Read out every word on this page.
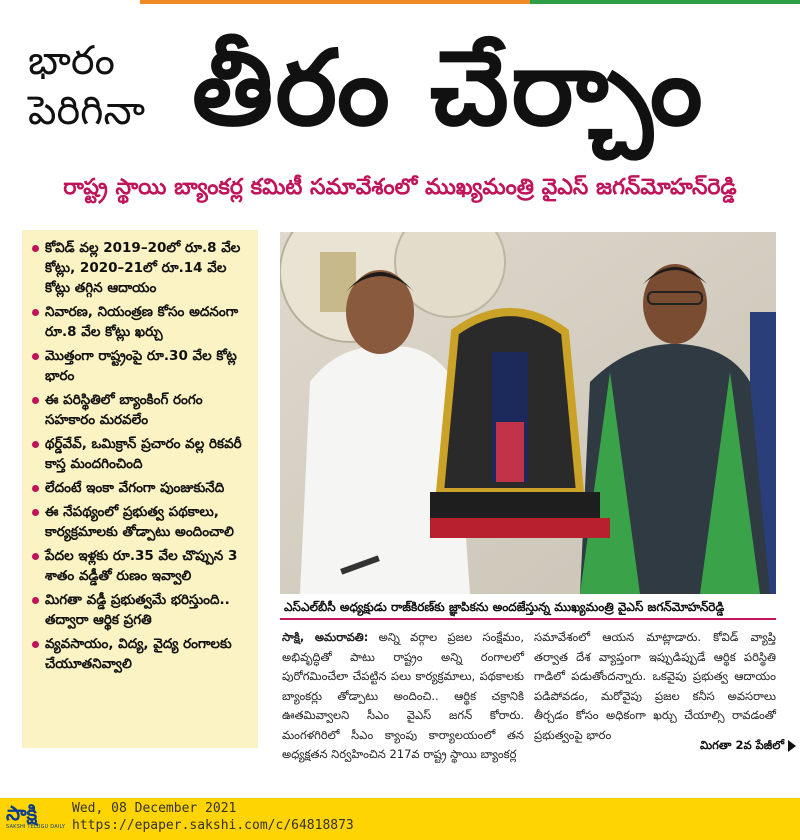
భారం
పెరిగినా తీరం చేర్చాం
రాష్ట్ర స్థాయి బ్యాంకర్ల కమిటీ సమావేశంలో ముఖ్యమంత్రి వైఎస్ జగన్‌మోహన్‌రెడ్డి
కోవిడ్ వల్ల 2019–20లో రూ.8 వేల కోట్లు, 2020–21లో రూ.14 వేల కోట్లు తగ్గిన ఆదాయం
నివారణ, నియంత్రణ కోసం అదనంగా రూ.8 వేల కోట్లు ఖర్చు
మొత్తంగా రాష్ట్రంపై రూ.30 వేల కోట్ల భారం
ఈ పరిస్థితిలో బ్యాంకింగ్ రంగం సహకారం మరవలేం
థర్డ్‌వేవ్, ఒమిక్రాన్ ప్రచారం వల్ల రికవరీ కాస్త మందగించింది
లేదంటే ఇంకా వేగంగా పుంజుకునేది
ఈ నేపథ్యంలో ప్రభుత్వ పథకాలు, కార్యక్రమాలకు తోడ్పాటు అందించాలి
పేదల ఇళ్లకు రూ.35 వేల చొప్పున 3 శాతం వడ్డీతో రుణం ఇవ్వాలి
మిగతా వడ్డీ ప్రభుత్వమే భరిస్తుంది.. తద్వారా ఆర్థిక ప్రగతి
వ్యవసాయం, విద్య, వైద్య రంగాలకు చేయూతనివ్వాలి
ఎస్ఎల్‌బీసీ అధ్యక్షుడు రాజ్‌కిరణ్‌కు జ్ఞాపికను అందజేస్తున్న ముఖ్యమంత్రి వైఎస్ జగన్‌మోహన్‌రెడ్డి
సాక్షి, అమరావతి: అన్ని వర్గాల ప్రజల సంక్షేమం, అభివృద్ధితో పాటు రాష్ట్రం అన్ని రంగాలలో పురోగమించేలా చేపట్టిన పలు కార్యక్రమాలు, పథకాలకు బ్యాంకర్లు తోడ్పాటు అందించి.. ఆర్థిక చక్రానికి ఊతమివ్వాలని సీఎం వైఎస్ జగన్ కోరారు. మంగళగిరిలో సీఎం క్యాంపు కార్యాలయంలో తన అధ్యక్షతన నిర్వహించిన 217వ రాష్ట్ర స్థాయి బ్యాంకర్ల
సమావేశంలో ఆయన మాట్లాడారు. కోవిడ్ వ్యాప్తి తర్వాత దేశ వ్యాప్తంగా ఇప్పుడిప్పుడే ఆర్థిక పరిస్థితి గాడిలో పడుతోందన్నారు. ఒకవైపు ప్రభుత్వ ఆదాయం పడిపోవడం, మరోవైపు ప్రజల కనీస అవసరాలు తీర్చడం కోసం అధికంగా ఖర్చు చేయాల్సి రావడంతో ప్రభుత్వంపై భారం
మిగతా 2వ పేజీలో
సాక్షి
SAKSHI TELUGU DAILY
Wed, 08 December 2021
https://epaper.sakshi.com/c/64818873
